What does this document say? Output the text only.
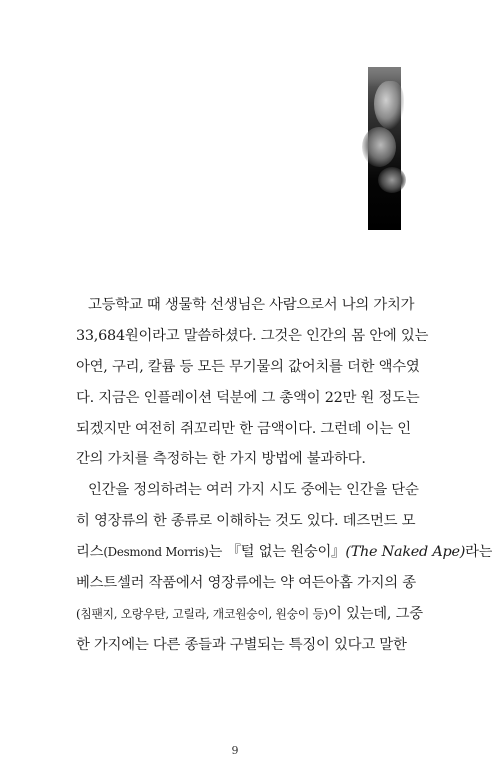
고등학교 때 생물학 선생님은 사람으로서 나의 가치가
33,684원이라고 말씀하셨다. 그것은 인간의 몸 안에 있는
아연, 구리, 칼륨 등 모든 무기물의 값어치를 더한 액수였
다. 지금은 인플레이션 덕분에 그 총액이 22만 원 정도는
되겠지만 여전히 쥐꼬리만 한 금액이다. 그런데 이는 인
간의 가치를 측정하는 한 가지 방법에 불과하다.
인간을 정의하려는 여러 가지 시도 중에는 인간을 단순
히 영장류의 한 종류로 이해하는 것도 있다. 데즈먼드 모
리스(Desmond Morris)는 『털 없는 원숭이』(The Naked Ape)라는
베스트셀러 작품에서 영장류에는 약 여든아홉 가지의 종
(침팬지, 오랑우탄, 고릴라, 개코원숭이, 원숭이 등)이 있는데, 그중
한 가지에는 다른 종들과 구별되는 특징이 있다고 말한
9
